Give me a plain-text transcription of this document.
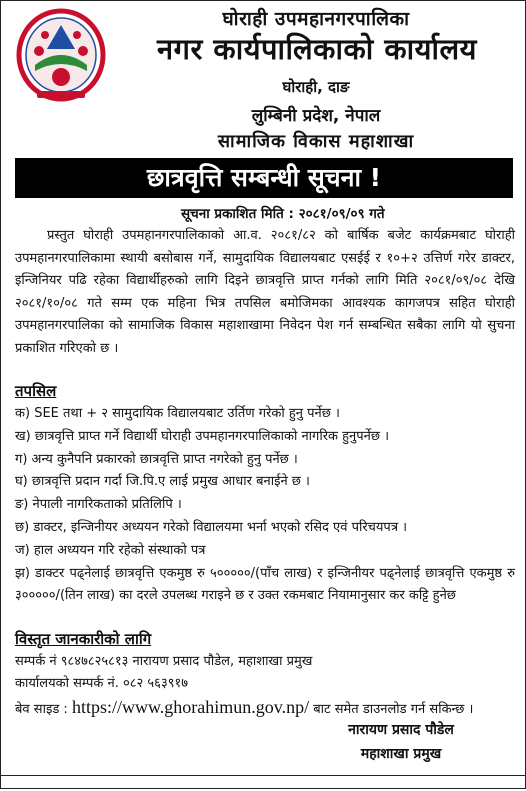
घोराही उपमहानगरपालिका
नगर कार्यपालिकाको कार्यालय
घोराही, दाङ
लुम्बिनी प्रदेश, नेपाल
सामाजिक विकास महाशाखा
छात्रवृत्ति सम्बन्धी सूचना !
सूचना प्रकाशित मिति : २०८१/०९/०९ गते

प्रस्तुत घोराही उपमहानगरपालिकाको आ.व. २०८१/८२ को बार्षिक बजेट कार्यक्रमबाट घोराही उपमहानगरपालिकामा स्थायी बसोबास गर्ने, सामुदायिक विद्यालयबाट एसईई र १०+२ उत्तिर्ण गरेर डाक्टर, इन्जिनियर पढि रहेका विद्यार्थीहरुको लागि दिइने छात्रवृत्ति प्राप्त गर्नको लागि मिति २०८१/०९/०८ देखि २०८१/१०/०८ गते सम्म एक महिना भित्र तपसिल बमोजिमका आवश्यक कागजपत्र सहित घोराही उपमहानगरपालिका को सामाजिक विकास महाशाखामा निवेदन पेश गर्न सम्बन्धित सबैका लागि यो सुचना प्रकाशित गरिएको छ ।

तपसिल
क) SEE तथा + २ सामुदायिक विद्यालयबाट उर्तिण गरेको हुनु पर्नेछ ।
ख) छात्रवृत्ति प्राप्त गर्ने विद्यार्थी घोराही उपमहानगरपालिकाको नागरिक हुनुपर्नेछ ।
ग) अन्य कुनैपनि प्रकारको छात्रवृत्ति प्राप्त नगरेको हुनु पर्नेछ ।
घ) छात्रवृत्ति प्रदान गर्दा जि.पि.ए लाई प्रमुख आधार बनाईने छ ।
ङ) नेपाली नागरिकताको प्रतिलिपि ।
छ) डाक्टर, इन्जिनीयर अध्ययन गरेको विद्यालयमा भर्ना भएको रसिद एवं परिचयपत्र ।
ज) हाल अध्ययन गरि रहेको संस्थाको पत्र
झ) डाक्टर पढ्नेलाई छात्रवृत्ति एकमुष्ठ रु ५०००००/(पाँच लाख) र इन्जिनीयर पढ्नेलाई छात्रवृत्ति एकमुष्ठ रु ३०००००/(तिन लाख) का दरले उपलब्ध गराइने छ र उक्त रकमबाट नियामानुसार कर कट्टि हुनेछ
विस्तृत जानकारीको लागि
सम्पर्क नं ९८४७८२५८१३ नारायण प्रसाद पौडेल, महाशाखा प्रमुख
कार्यालयको सम्पर्क नं. ०८२ ५६३९१७
बेव साइड : https://www.ghorahimun.gov.np/ बाट समेत डाउनलोड गर्न सकिन्छ ।
नारायण प्रसाद पौडेल
महाशाखा प्रमुख
